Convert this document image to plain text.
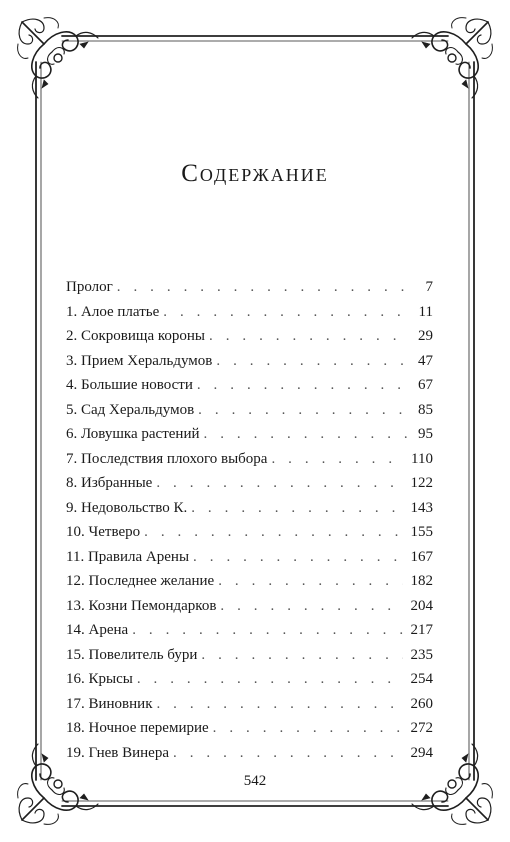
Содержание
Пролог . . .	7
1. Алое платье . . .	11
2. Сокровища короны . . .	29
3. Прием Херальдумов . . .	47
4. Большие новости . . .	67
5. Сад Херальдумов . . .	85
6. Ловушка растений . . .	95
7. Последствия плохого выбора . . .	110
8. Избранные . . .	122
9. Недовольство К. . . .	143
10. Четверо . . .	155
11. Правила Арены . . .	167
12. Последнее желание . . .	182
13. Козни Пемондарков . . .	204
14. Арена . . .	217
15. Повелитель бури . . .	235
16. Крысы . . .	254
17. Виновник . . .	260
18. Ночное перемирие . . .	272
19. Гнев Винера . . .	294
542
